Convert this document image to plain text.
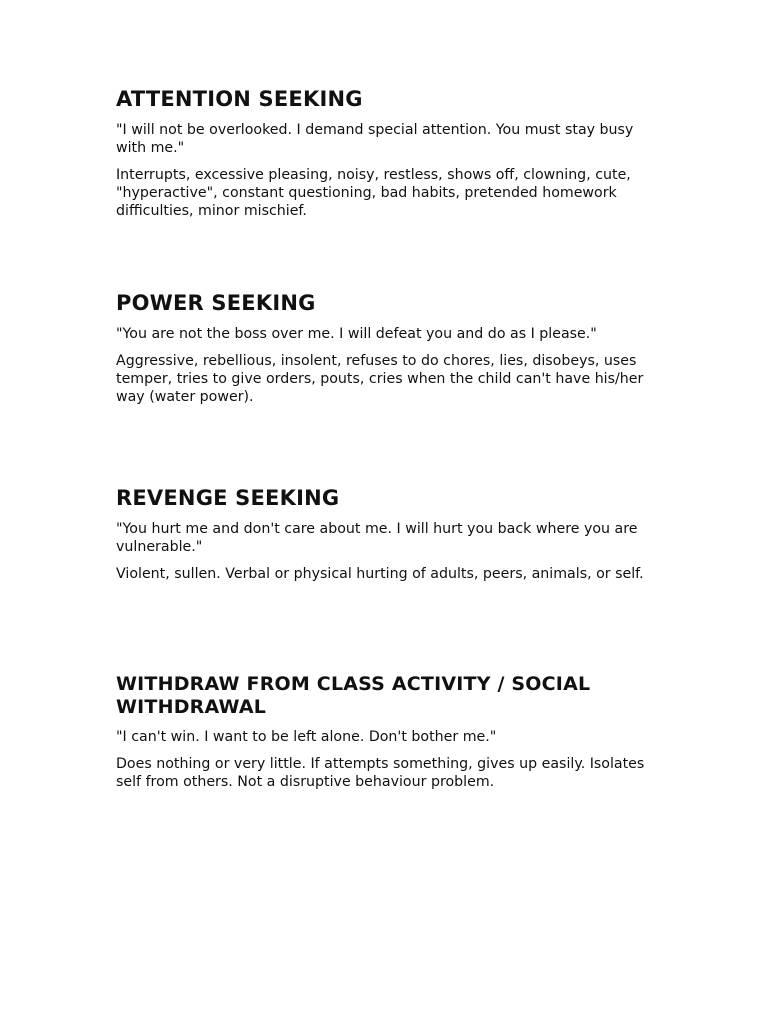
ATTENTION SEEKING

"I will not be overlooked. I demand special attention. You must stay busy with me."

Interrupts, excessive pleasing, noisy, restless, shows off, clowning, cute, "hyperactive", constant questioning, bad habits, pretended homework difficulties, minor mischief.

POWER SEEKING

"You are not the boss over me. I will defeat you and do as I please."

Aggressive, rebellious, insolent, refuses to do chores, lies, disobeys, uses temper, tries to give orders, pouts, cries when the child can't have his/her way (water power).

REVENGE SEEKING

"You hurt me and don't care about me. I will hurt you back where you are vulnerable."

Violent, sullen. Verbal or physical hurting of adults, peers, animals, or self.

WITHDRAW FROM CLASS ACTIVITY / SOCIAL WITHDRAWAL

"I can't win. I want to be left alone. Don't bother me."

Does nothing or very little. If attempts something, gives up easily. Isolates self from others. Not a disruptive behaviour problem.
